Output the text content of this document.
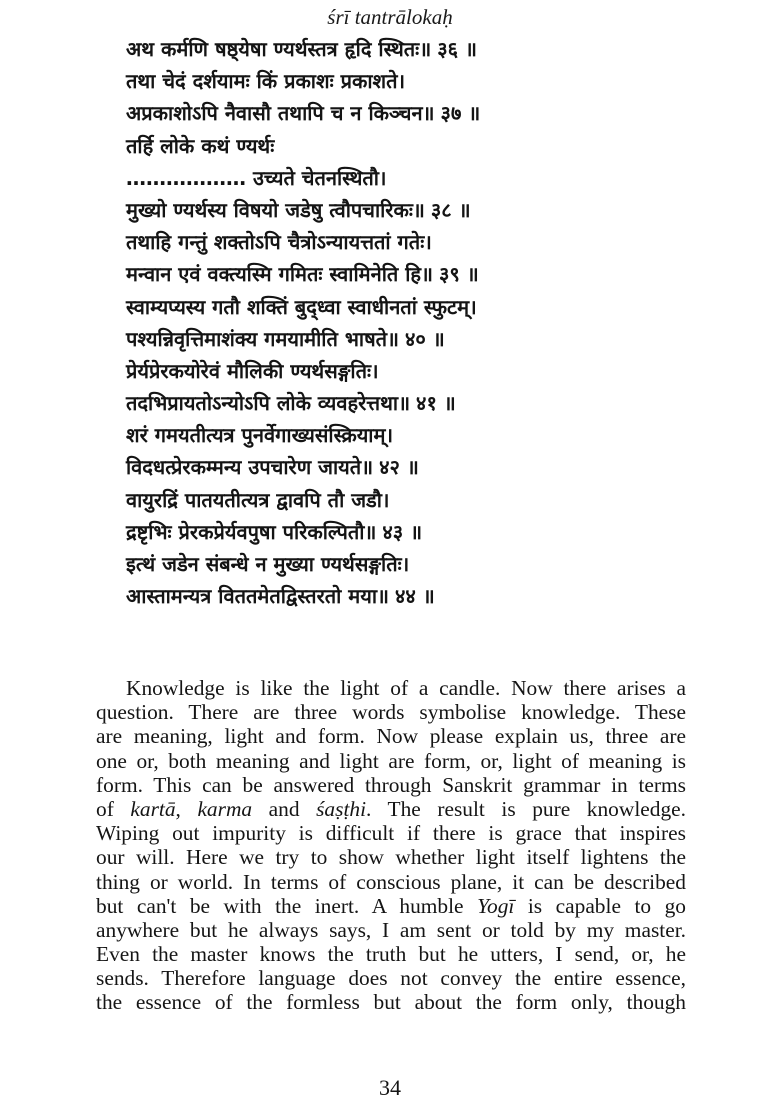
śrī tantrālokaḥ
अथ कर्मणि षष्ठ्येषा ण्यर्थस्तत्र हृदि स्थितः॥ ३६ ॥
तथा चेदं दर्शयामः किं प्रकाशः प्रकाशते।
अप्रकाशोऽपि नैवासौ तथापि च न किञ्चन॥ ३७ ॥
तर्हि लोके कथं ण्यर्थः
……………… उच्यते चेतनस्थितौ।
मुख्यो ण्यर्थस्य विषयो जडेषु त्वौपचारिकः॥ ३८ ॥
तथाहि गन्तुं शक्तोऽपि चैत्रोऽन्यायत्ततां गतेः।
मन्वान एवं वक्त्यस्मि गमितः स्वामिनेति हि॥ ३९ ॥
स्वाम्यप्यस्य गतौ शक्तिं बुद्ध्वा स्वाधीनतां स्फुटम्।
पश्यन्निवृत्तिमाशंक्य गमयामीति भाषते॥ ४० ॥
प्रेर्यप्रेरकयोरेवं मौलिकी ण्यर्थसङ्गतिः।
तदभिप्रायतोऽन्योऽपि लोके व्यवहरेत्तथा॥ ४१ ॥
शरं गमयतीत्यत्र पुनर्वेगाख्यसंस्क्रियाम्।
विदधत्प्रेरकम्मन्य उपचारेण जायते॥ ४२ ॥
वायुरद्रिं पातयतीत्यत्र द्वावपि तौ जडौ।
द्रष्टृभिः प्रेरकप्रेर्यवपुषा परिकल्पितौ॥ ४३ ॥
इत्थं जडेन संबन्धे न मुख्या ण्यर्थसङ्गतिः।
आस्तामन्यत्र विततमेतद्विस्तरतो मया॥ ४४ ॥
Knowledge is like the light of a candle. Now there arises a
question. There are three words symbolise knowledge. These
are meaning, light and form. Now please explain us, three are
one or, both meaning and light are form, or, light of meaning is
form. This can be answered through Sanskrit grammar in terms
of kartā, karma and śaṣṭhi. The result is pure knowledge.
Wiping out impurity is difficult if there is grace that inspires
our will. Here we try to show whether light itself lightens the
thing or world. In terms of conscious plane, it can be described
but can't be with the inert. A humble Yogī is capable to go
anywhere but he always says, I am sent or told by my master.
Even the master knows the truth but he utters, I send, or, he
sends. Therefore language does not convey the entire essence,
the essence of the formless but about the form only, though
34
